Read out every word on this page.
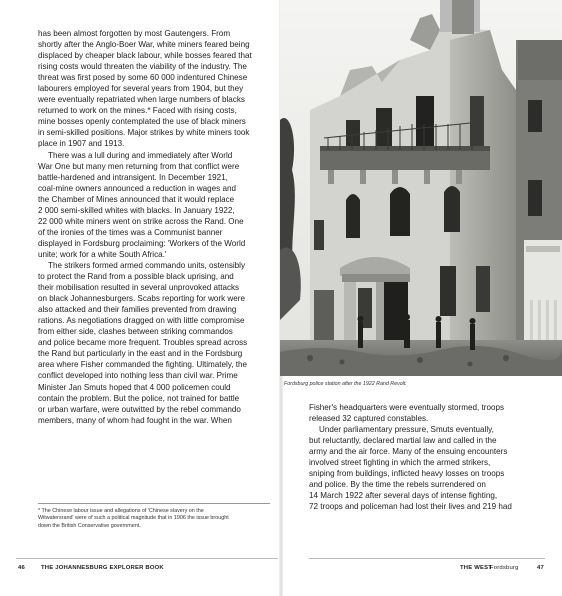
has been almost forgotten by most Gautengers. From
shortly after the Anglo-Boer War, white miners feared being
displaced by cheaper black labour, while bosses feared that
rising costs would threaten the viability of the industry. The
threat was first posed by some 60 000 indentured Chinese
labourers employed for several years from 1904, but they
were eventually repatriated when large numbers of blacks
returned to work on the mines.* Faced with rising costs,
mine bosses openly contemplated the use of black miners
in semi-skilled positions. Major strikes by white miners took
place in 1907 and 1913.

There was a lull during and immediately after World
War One but many men returning from that conflict were
battle-hardened and intransigent. In December 1921,
coal-mine owners announced a reduction in wages and
the Chamber of Mines announced that it would replace
2 000 semi-skilled whites with blacks. In January 1922,
22 000 white miners went on strike across the Rand. One
of the ironies of the times was a Communist banner
displayed in Fordsburg proclaiming: 'Workers of the World
unite; work for a white South Africa.'

The strikers formed armed commando units, ostensibly
to protect the Rand from a possible black uprising, and
their mobilisation resulted in several unprovoked attacks
on black Johannesburgers. Scabs reporting for work were
also attacked and their families prevented from drawing
rations. As negotiations dragged on with little compromise
from either side, clashes between striking commandos
and police became more frequent. Troubles spread across
the Rand but particularly in the east and in the Fordsburg
area where Fisher commanded the fighting. Ultimately, the
conflict developed into nothing less than civil war. Prime
Minister Jan Smuts hoped that 4 000 policemen could
contain the problem. But the police, not trained for battle
or urban warfare, were outwitted by the rebel commando
members, many of whom had fought in the war. When

* The Chinese labour issue and allegations of 'Chinese slavery on the
Witwatersrand' were of such a political magnitude that in 1906 the issue brought
down the British Conservative government.
46	THE JOHANNESBURG EXPLORER BOOK
Fordsburg police station after the 1922 Rand Revolt.

Fisher's headquarters were eventually stormed, troops
released 32 captured constables.

Under parliamentary pressure, Smuts eventually,
but reluctantly, declared martial law and called in the
army and the air force. Many of the ensuing encounters
involved street fighting in which the armed strikers,
sniping from buildings, inflicted heavy losses on troops
and police. By the time the rebels surrendered on
14 March 1922 after several days of intense fighting,
72 troops and policeman had lost their lives and 219 had

THE WEST
Fordsburg	47
